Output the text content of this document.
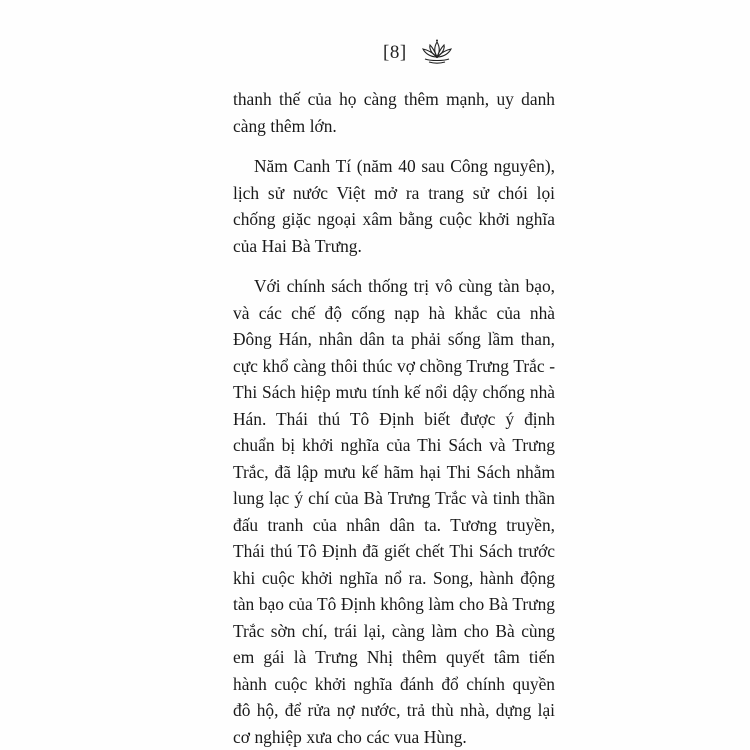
[8]

thanh thế của họ càng thêm mạnh, uy danh càng thêm lớn.

Năm Canh Tí (năm 40 sau Công nguyên), lịch sử nước Việt mở ra trang sử chói lọi chống giặc ngoại xâm bằng cuộc khởi nghĩa của Hai Bà Trưng.

Với chính sách thống trị vô cùng tàn bạo, và các chế độ cống nạp hà khắc của nhà Đông Hán, nhân dân ta phải sống lầm than, cực khổ càng thôi thúc vợ chồng Trưng Trắc - Thi Sách hiệp mưu tính kế nổi dậy chống nhà Hán. Thái thú Tô Định biết được ý định chuẩn bị khởi nghĩa của Thi Sách và Trưng Trắc, đã lập mưu kế hãm hại Thi Sách nhằm lung lạc ý chí của Bà Trưng Trắc và tinh thần đấu tranh của nhân dân ta. Tương truyền, Thái thú Tô Định đã giết chết Thi Sách trước khi cuộc khởi nghĩa nổ ra. Song, hành động tàn bạo của Tô Định không làm cho Bà Trưng Trắc sờn chí, trái lại, càng làm cho Bà cùng em gái là Trưng Nhị thêm quyết tâm tiến hành cuộc khởi nghĩa đánh đổ chính quyền đô hộ, để rửa nợ nước, trả thù nhà, dựng lại cơ nghiệp xưa cho các vua Hùng.
